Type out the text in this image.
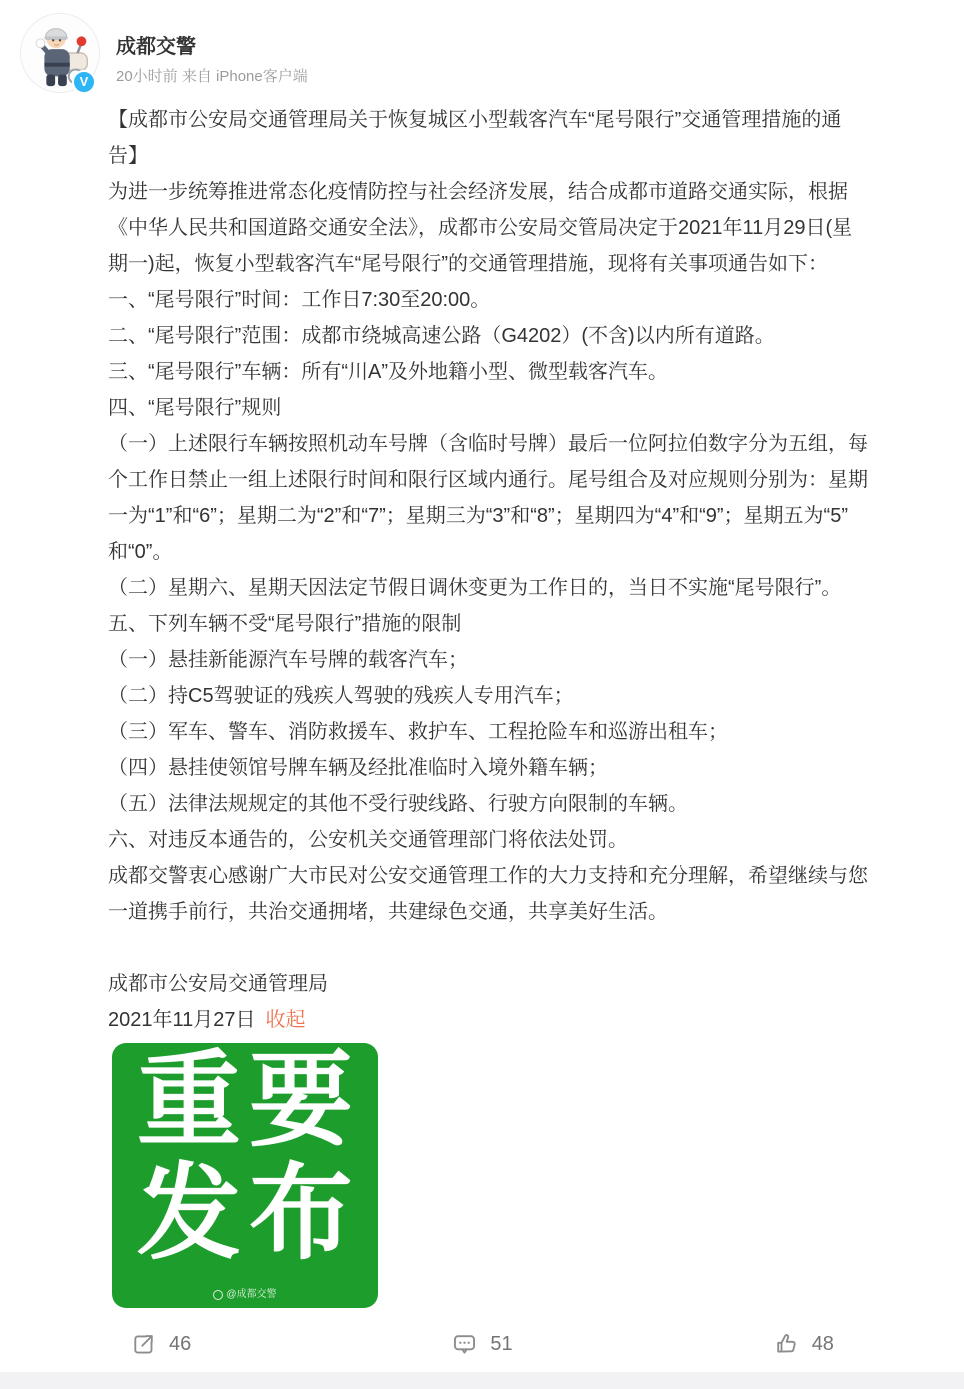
V
成都交警
20小时前 来自 iPhone客户端
【成都市公安局交通管理局关于恢复城区小型载客汽车“尾号限行”交通管理措施的通
告】
为进一步统筹推进常态化疫情防控与社会经济发展，结合成都市道路交通实际，根据
《中华人民共和国道路交通安全法》，成都市公安局交管局决定于2021年11月29日(星
期一)起，恢复小型载客汽车“尾号限行”的交通管理措施，现将有关事项通告如下：
一、“尾号限行”时间：工作日7:30至20:00。
二、“尾号限行”范围：成都市绕城高速公路（G4202）(不含)以内所有道路。
三、“尾号限行”车辆：所有“川A”及外地籍小型、微型载客汽车。
四、“尾号限行”规则
（一）上述限行车辆按照机动车号牌（含临时号牌）最后一位阿拉伯数字分为五组，每
个工作日禁止一组上述限行时间和限行区域内通行。尾号组合及对应规则分别为：星期
一为“1”和“6”；星期二为“2”和“7”；星期三为“3”和“8”；星期四为“4”和“9”；星期五为“5”
和“0”。
（二）星期六、星期天因法定节假日调休变更为工作日的，当日不实施“尾号限行”。
五、下列车辆不受“尾号限行”措施的限制
（一）悬挂新能源汽车号牌的载客汽车；
（二）持C5驾驶证的残疾人驾驶的残疾人专用汽车；
（三）军车、警车、消防救援车、救护车、工程抢险车和巡游出租车；
（四）悬挂使领馆号牌车辆及经批准临时入境外籍车辆；
（五）法律法规规定的其他不受行驶线路、行驶方向限制的车辆。
六、对违反本通告的，公安机关交通管理部门将依法处罚。
成都交警衷心感谢广大市民对公安交通管理工作的大力支持和充分理解，希望继续与您
一道携手前行，共治交通拥堵，共建绿色交通，共享美好生活。
成都市公安局交通管理局
2021年11月27日 收起
重要
发布
@成都交警
46	51	48
